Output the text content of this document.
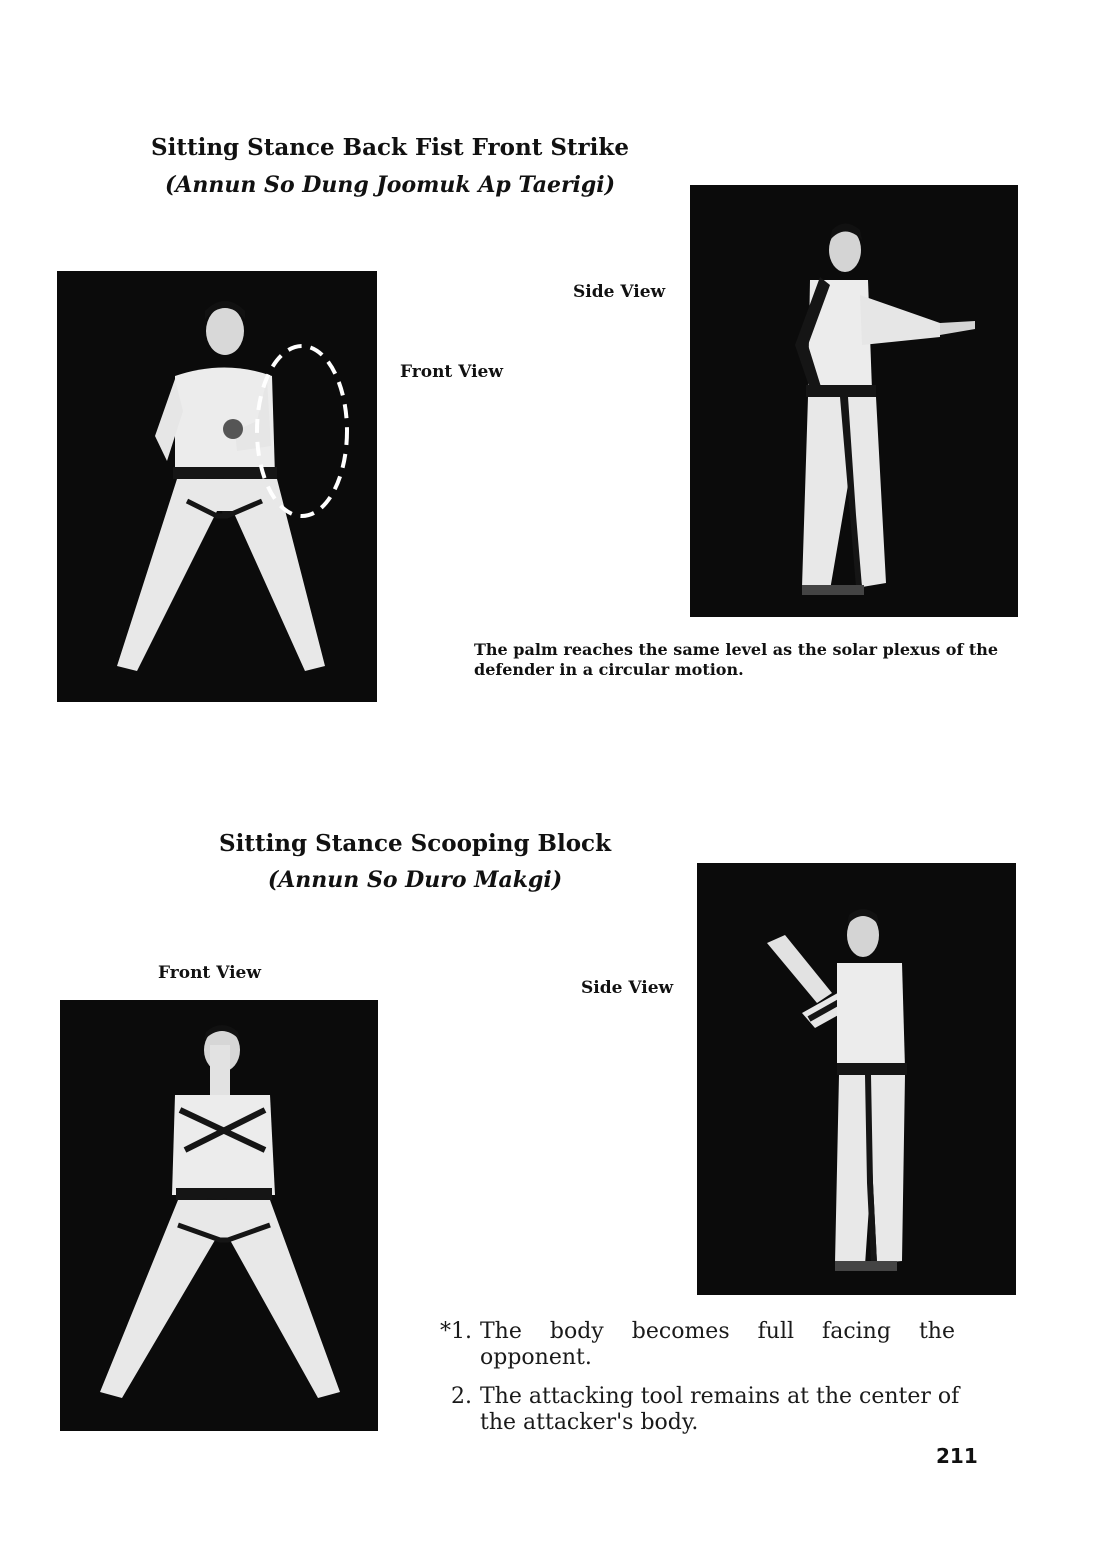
Sitting Stance Back Fist Front Strike
(Annun So Dung Joomuk Ap Taerigi)
Front View
Side View
The palm reaches the same level as the solar plexus of the defender in a circular motion.
Sitting Stance Scooping Block
(Annun So Duro Makgi)
Front View
Side View
*1. The body becomes full facing the opponent.
2. The attacking tool remains at the center of the attacker's body.
211
